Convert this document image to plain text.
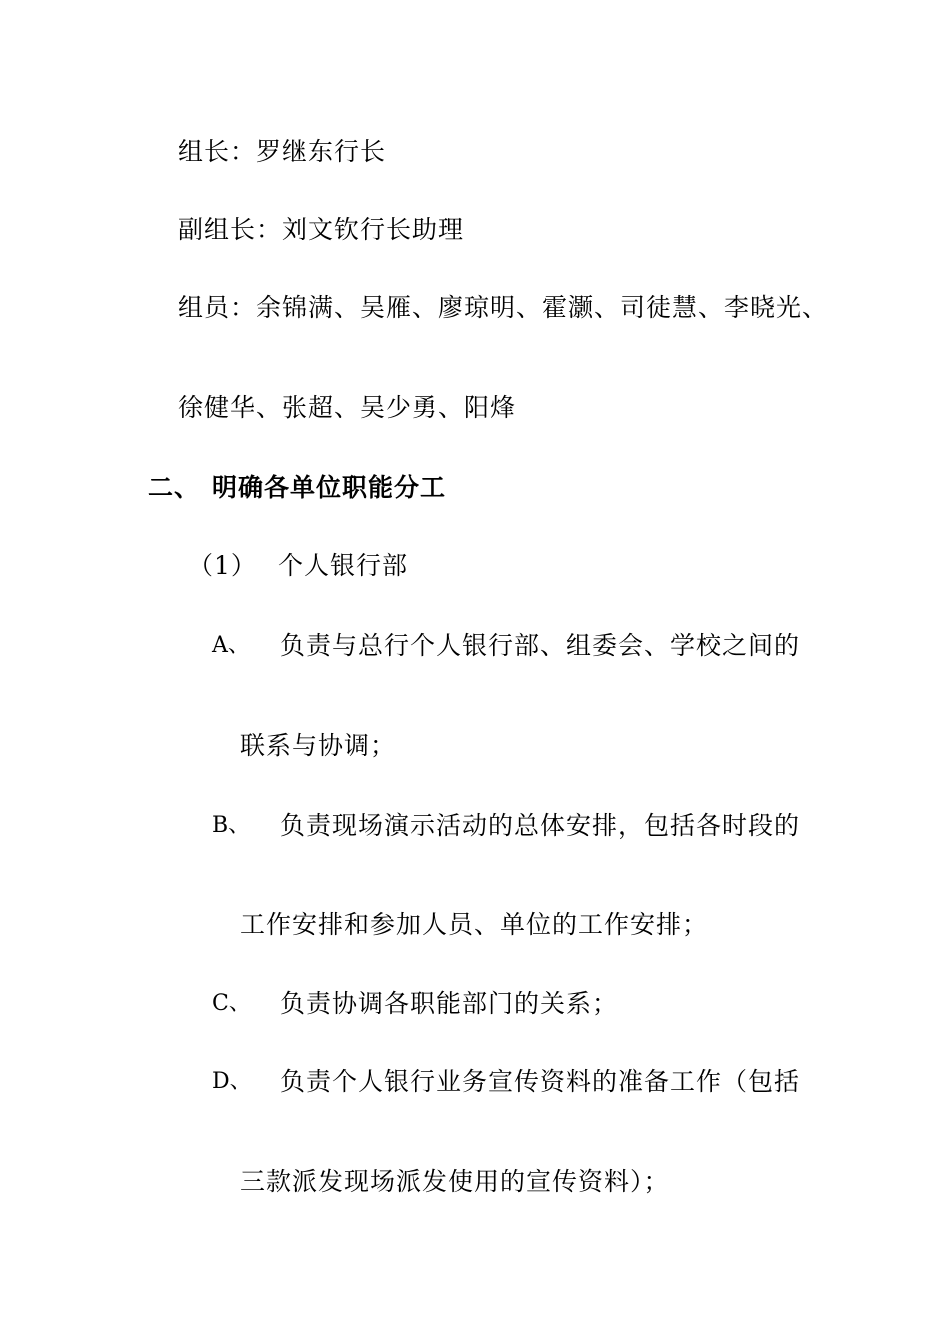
组长：罗继东行长
副组长：刘文钦行长助理
组员：余锦满、吴雁、廖琼明、霍灏、司徒慧、李晓光、
徐健华、张超、吴少勇、阳烽
二、 明确各单位职能分工
（1） 个人银行部
A、 负责与总行个人银行部、组委会、学校之间的
联系与协调；
B、 负责现场演示活动的总体安排，包括各时段的
工作安排和参加人员、单位的工作安排；
C、 负责协调各职能部门的关系；
D、 负责个人银行业务宣传资料的准备工作（包括
三款派发现场派发使用的宣传资料）；
